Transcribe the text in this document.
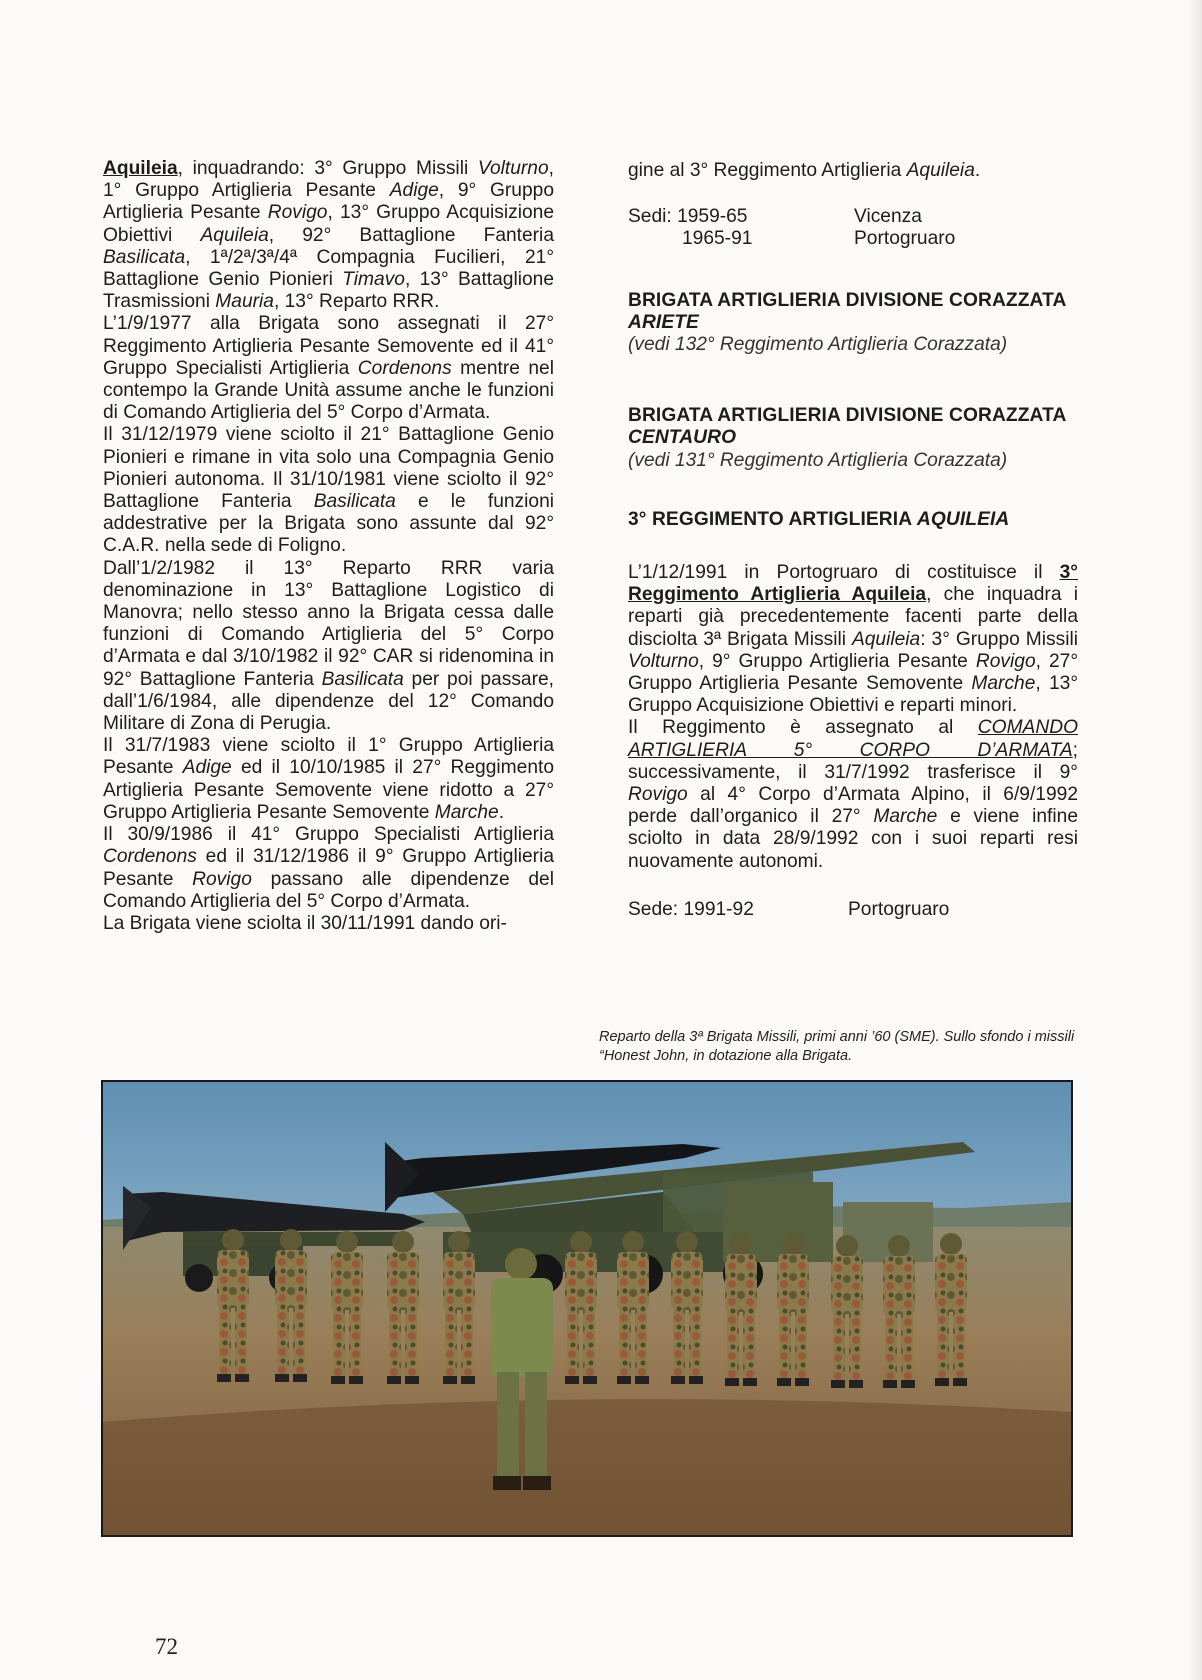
Aquileia, inquadrando: 3° Gruppo Missili Volturno, 1° Gruppo Artiglieria Pesante Adige, 9° Gruppo Artiglieria Pesante Rovigo, 13° Gruppo Acquisizione Obiettivi Aquileia, 92° Battaglione Fanteria Basilicata, 1ª/2ª/3ª/4ª Compagnia Fucilieri, 21° Battaglione Genio Pionieri Timavo, 13° Battaglione Trasmissioni Mauria, 13° Reparto RRR.

L’1/9/1977 alla Brigata sono assegnati il 27° Reggimento Artiglieria Pesante Semovente ed il 41° Gruppo Specialisti Artiglieria Cordenons mentre nel contempo la Grande Unità assume anche le funzioni di Comando Artiglieria del 5° Corpo d’Armata.

Il 31/12/1979 viene sciolto il 21° Battaglione Genio Pionieri e rimane in vita solo una Compagnia Genio Pionieri autonoma. Il 31/10/1981 viene sciolto il 92° Battaglione Fanteria Basilicata e le funzioni addestrative per la Brigata sono assunte dal 92° C.A.R. nella sede di Foligno.

Dall’1/2/1982 il 13° Reparto RRR varia denominazione in 13° Battaglione Logistico di Manovra; nello stesso anno la Brigata cessa dalle funzioni di Comando Artiglieria del 5° Corpo d’Armata e dal 3/10/1982 il 92° CAR si ridenomina in 92° Battaglione Fanteria Basilicata per poi passare, dall’1/6/1984, alle dipendenze del 12° Comando Militare di Zona di Perugia.

Il 31/7/1983 viene sciolto il 1° Gruppo Artiglieria Pesante Adige ed il 10/10/1985 il 27° Reggimento Artiglieria Pesante Semovente viene ridotto a 27° Gruppo Artiglieria Pesante Semovente Marche.

Il 30/9/1986 il 41° Gruppo Specialisti Artiglieria Cordenons ed il 31/12/1986 il 9° Gruppo Artiglieria Pesante Rovigo passano alle dipendenze del Comando Artiglieria del 5° Corpo d’Armata.

La Brigata viene sciolta il 30/11/1991 dando ori-

gine al 3° Reggimento Artiglieria Aquileia.

Sedi: 1959-65	Vicenza
1965-91	Portogruaro

BRIGATA ARTIGLIERIA DIVISIONE CORAZZATA ARIETE

(vedi 132° Reggimento Artiglieria Corazzata)

BRIGATA ARTIGLIERIA DIVISIONE CORAZZATA CENTAURO

(vedi 131° Reggimento Artiglieria Corazzata)

3° REGGIMENTO ARTIGLIERIA AQUILEIA

L’1/12/1991 in Portogruaro di costituisce il 3° Reggimento Artiglieria Aquileia, che inquadra i reparti già precedentemente facenti parte della disciolta 3ª Brigata Missili Aquileia: 3° Gruppo Missili Volturno, 9° Gruppo Artiglieria Pesante Rovigo, 27° Gruppo Artiglieria Pesante Semovente Marche, 13° Gruppo Acquisizione Obiettivi e reparti minori.

Il Reggimento è assegnato al COMANDO ARTIGLIERIA 5° CORPO D’ARMATA; successivamente, il 31/7/1992 trasferisce il 9° Rovigo al 4° Corpo d’Armata Alpino, il 6/9/1992 perde dall’organico il 27° Marche e viene infine sciolto in data 28/9/1992 con i suoi reparti resi nuovamente autonomi.

Sede: 1991-92	Portogruaro
Reparto della 3ª Brigata Missili, primi anni ’60 (SME). Sullo sfondo i missili “Honest John, in dotazione alla Brigata.
72
